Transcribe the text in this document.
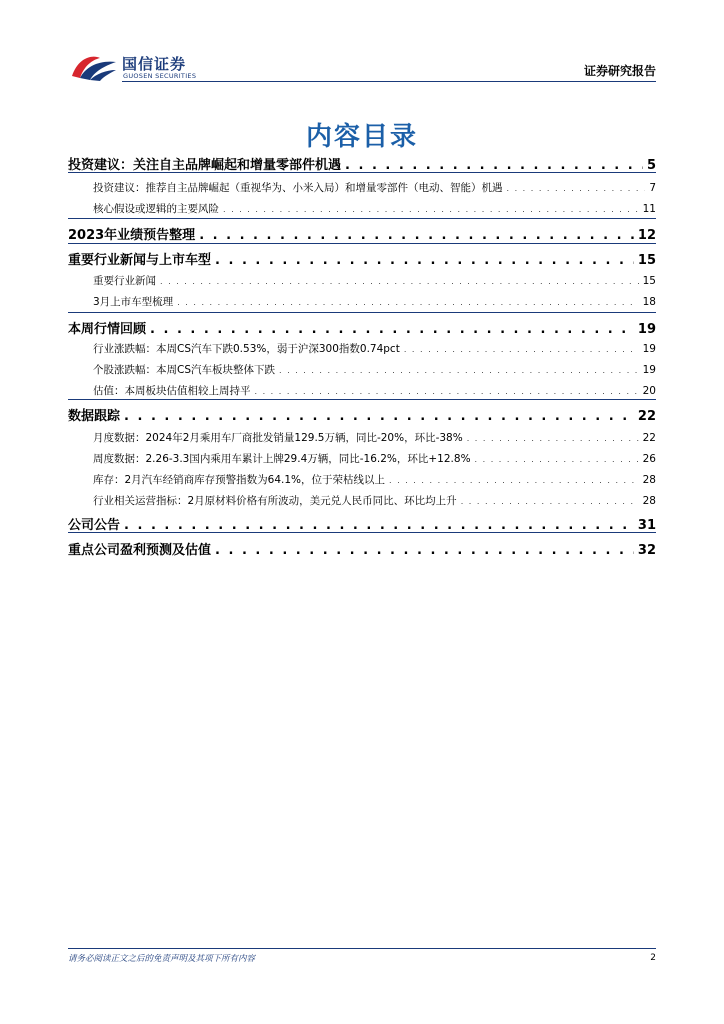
国信证券
GUOSEN SECURITIES	证券研究报告
内容目录
投资建议：关注自主品牌崛起和增量零部件机遇 . . .	5
投资建议：推荐自主品牌崛起（重视华为、小米入局）和增量零部件（电动、智能）机遇 . . .	7
核心假设或逻辑的主要风险 . . .	11
2023年业绩预告整理 . . .	12
重要行业新闻与上市车型 . . .	15
重要行业新闻 . . .	15
3月上市车型梳理 . . .	18
本周行情回顾 . . .	19
行业涨跌幅：本周CS汽车下跌0.53%，弱于沪深300指数0.74pct . . .	19
个股涨跌幅：本周CS汽车板块整体下跌 . . .	19
估值：本周板块估值相较上周持平 . . .	20
数据跟踪 . . .	22
月度数据：2024年2月乘用车厂商批发销量129.5万辆，同比-20%，环比-38% . . .	22
周度数据：2.26-3.3国内乘用车累计上牌29.4万辆，同比-16.2%，环比+12.8% . . .	26
库存：2月汽车经销商库存预警指数为64.1%，位于荣枯线以上 . . .	28
行业相关运营指标：2月原材料价格有所波动，美元兑人民币同比、环比均上升 . . .	28
公司公告 . . .	31
重点公司盈利预测及估值 . . .	32
请务必阅读正文之后的免责声明及其项下所有内容	2
